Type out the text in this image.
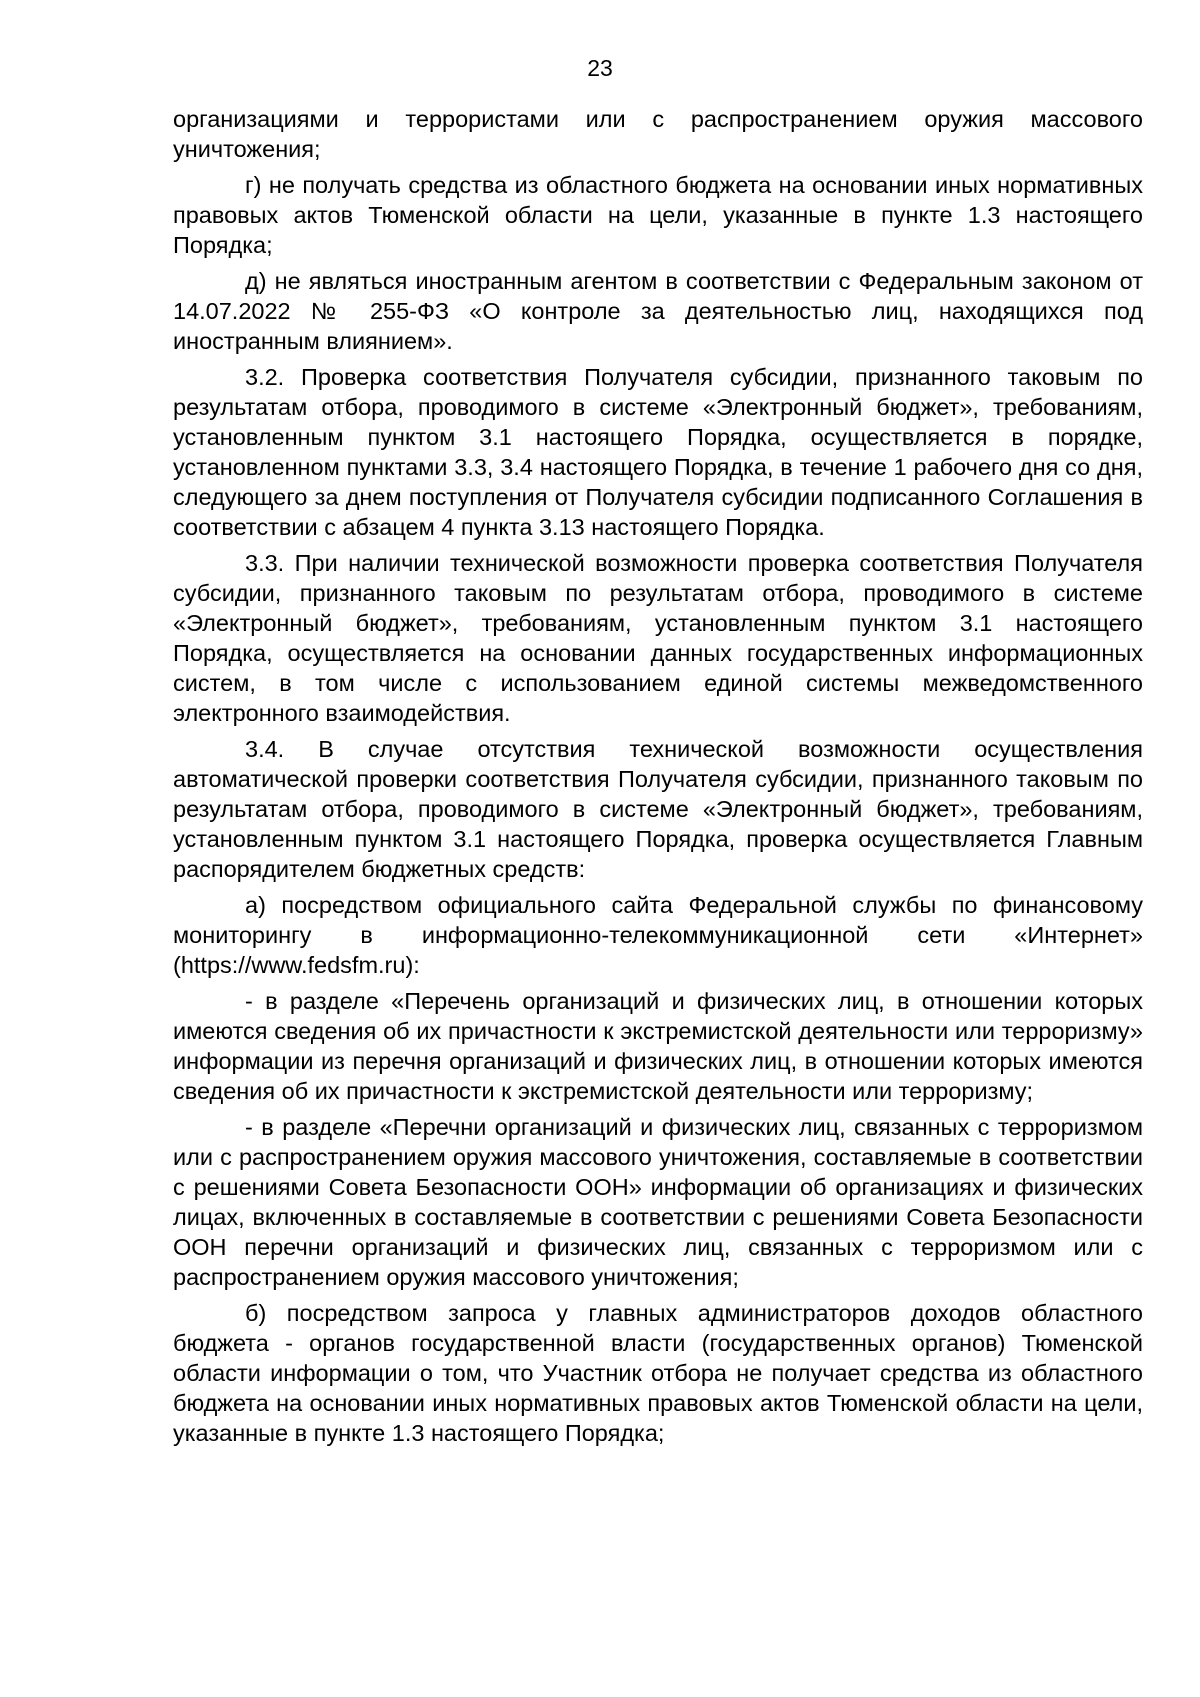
23

организациями и террористами или с распространением оружия массового уничтожения;

г) не получать средства из областного бюджета на основании иных нормативных правовых актов Тюменской области на цели, указанные в пункте 1.3 настоящего Порядка;

д) не являться иностранным агентом в соответствии с Федеральным законом от 14.07.2022 № 255-ФЗ «О контроле за деятельностью лиц, находящихся под иностранным влиянием».

3.2. Проверка соответствия Получателя субсидии, признанного таковым по результатам отбора, проводимого в системе «Электронный бюджет», требованиям, установленным пунктом 3.1 настоящего Порядка, осуществляется в порядке, установленном пунктами 3.3, 3.4 настоящего Порядка, в течение 1 рабочего дня со дня, следующего за днем поступления от Получателя субсидии подписанного Соглашения в соответствии с абзацем 4 пункта 3.13 настоящего Порядка.

3.3. При наличии технической возможности проверка соответствия Получателя субсидии, признанного таковым по результатам отбора, проводимого в системе «Электронный бюджет», требованиям, установленным пунктом 3.1 настоящего Порядка, осуществляется на основании данных государственных информационных систем, в том числе с использованием единой системы межведомственного электронного взаимодействия.

3.4. В случае отсутствия технической возможности осуществления автоматической проверки соответствия Получателя субсидии, признанного таковым по результатам отбора, проводимого в системе «Электронный бюджет», требованиям, установленным пунктом 3.1 настоящего Порядка, проверка осуществляется Главным распорядителем бюджетных средств:

а) посредством официального сайта Федеральной службы по финансовому мониторингу в информационно-телекоммуникационной сети «Интернет» (https://www.fedsfm.ru):

- в разделе «Перечень организаций и физических лиц, в отношении которых имеются сведения об их причастности к экстремистской деятельности или терроризму» информации из перечня организаций и физических лиц, в отношении которых имеются сведения об их причастности к экстремистской деятельности или терроризму;

- в разделе «Перечни организаций и физических лиц, связанных с терроризмом или с распространением оружия массового уничтожения, составляемые в соответствии с решениями Совета Безопасности ООН» информации об организациях и физических лицах, включенных в составляемые в соответствии с решениями Совета Безопасности ООН перечни организаций и физических лиц, связанных с терроризмом или с распространением оружия массового уничтожения;

б) посредством запроса у главных администраторов доходов областного бюджета - органов государственной власти (государственных органов) Тюменской области информации о том, что Участник отбора не получает средства из областного бюджета на основании иных нормативных правовых актов Тюменской области на цели, указанные в пункте 1.3 настоящего Порядка;
